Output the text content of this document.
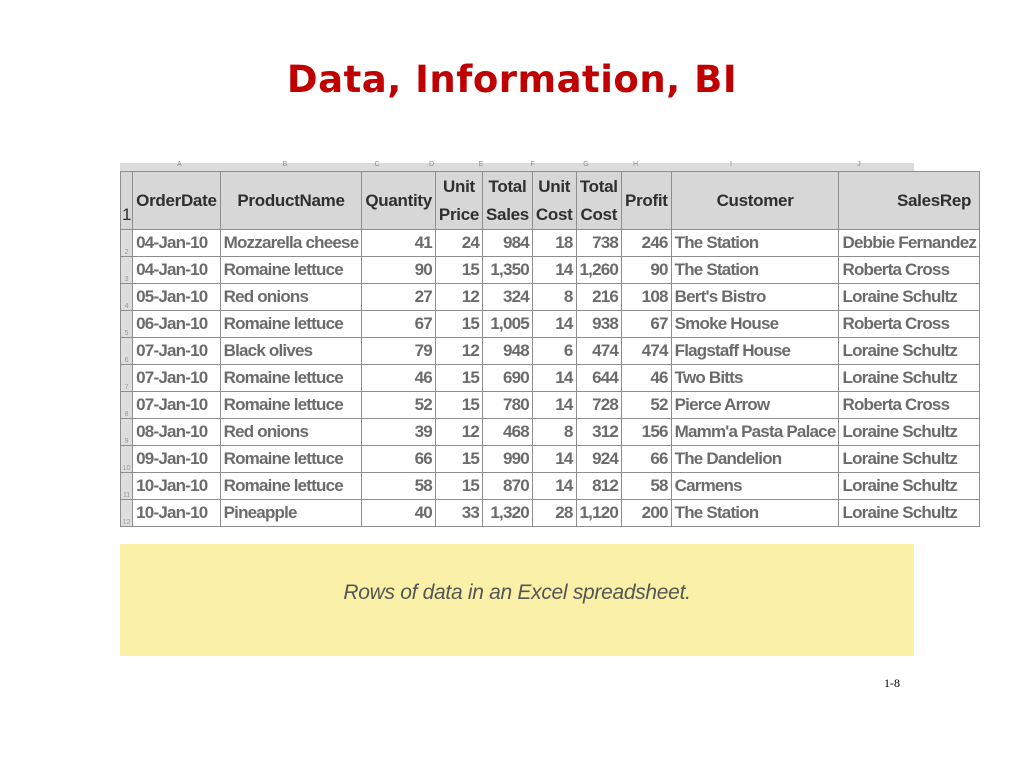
Data, Information, BI
A	B	C	D	E	F	G	H	I	J
1	OrderDate	ProductName	Quantity	Unit Price	Total Sales	Unit Cost	Total Cost	Profit	Customer	SalesRep
2	04-Jan-10	Mozzarella cheese	41	24	984	18	738	246	The Station	Debbie Fernandez
3	04-Jan-10	Romaine lettuce	90	15	1,350	14	1,260	90	The Station	Roberta Cross
4	05-Jan-10	Red onions	27	12	324	8	216	108	Bert's Bistro	Loraine Schultz
5	06-Jan-10	Romaine lettuce	67	15	1,005	14	938	67	Smoke House	Roberta Cross
6	07-Jan-10	Black olives	79	12	948	6	474	474	Flagstaff House	Loraine Schultz
7	07-Jan-10	Romaine lettuce	46	15	690	14	644	46	Two Bitts	Loraine Schultz
8	07-Jan-10	Romaine lettuce	52	15	780	14	728	52	Pierce Arrow	Roberta Cross
9	08-Jan-10	Red onions	39	12	468	8	312	156	Mamm'a Pasta Palace	Loraine Schultz
10	09-Jan-10	Romaine lettuce	66	15	990	14	924	66	The Dandelion	Loraine Schultz
11	10-Jan-10	Romaine lettuce	58	15	870	14	812	58	Carmens	Loraine Schultz
12	10-Jan-10	Pineapple	40	33	1,320	28	1,120	200	The Station	Loraine Schultz
Rows of data in an Excel spreadsheet.
1-8
